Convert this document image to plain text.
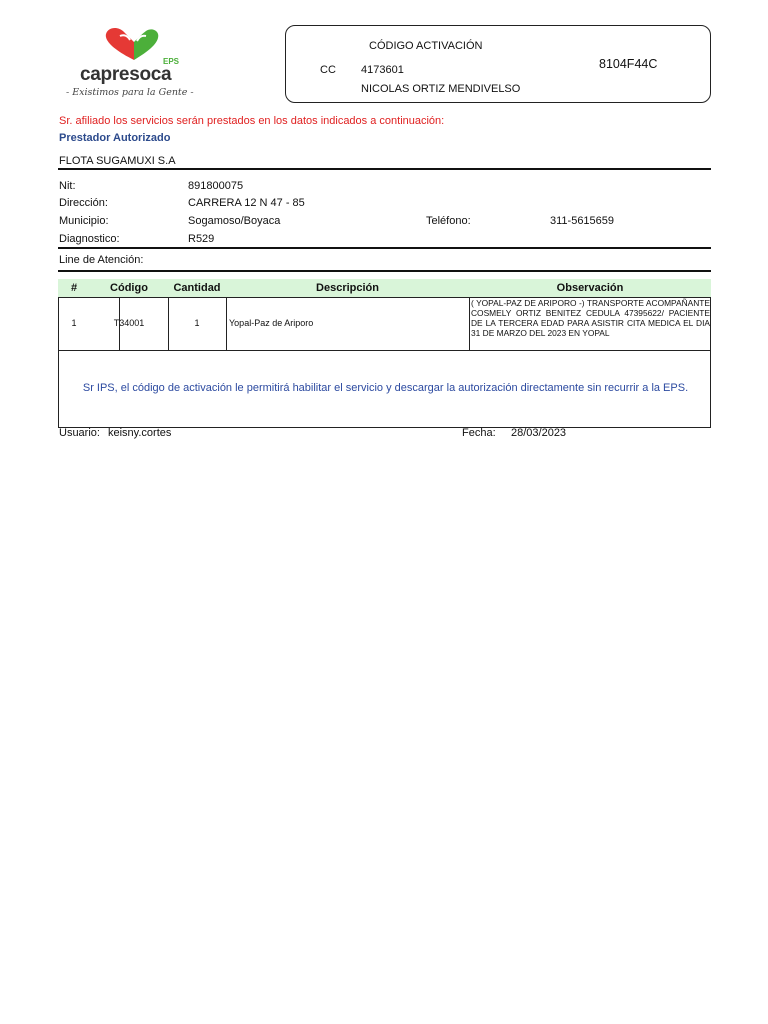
EPS
capresoca
- Existimos para la Gente -
CÓDIGO ACTIVACIÓN
CC 4173601
NICOLAS ORTIZ MENDIVELSO
8104F44C
Sr. afiliado los servicios serán prestados en los datos indicados a continuación:
Prestador Autorizado
FLOTA SUGAMUXI S.A
Nit:	891800075
Dirección:	CARRERA 12 N 47 - 85
Municipio:	Sogamoso/Boyaca	Teléfono:	311-5615659
Diagnostico:	R529
Line de Atención:
#	Código	Cantidad	Descripción	Observación
1	T34001	1	Yopal-Paz de Ariporo
( YOPAL-PAZ DE ARIPORO -) TRANSPORTE ACOMPAÑANTE COSMELY ORTIZ BENITEZ CEDULA 47395622/ PACIENTE DE LA TERCERA EDAD PARA ASISTIR CITA MEDICA EL DIA 31 DE MARZO DEL 2023 EN YOPAL
Sr IPS, el código de activación le permitirá habilitar el servicio y descargar la autorización directamente sin recurrir a la EPS.
Usuario: keisny.cortes	Fecha: 28/03/2023
